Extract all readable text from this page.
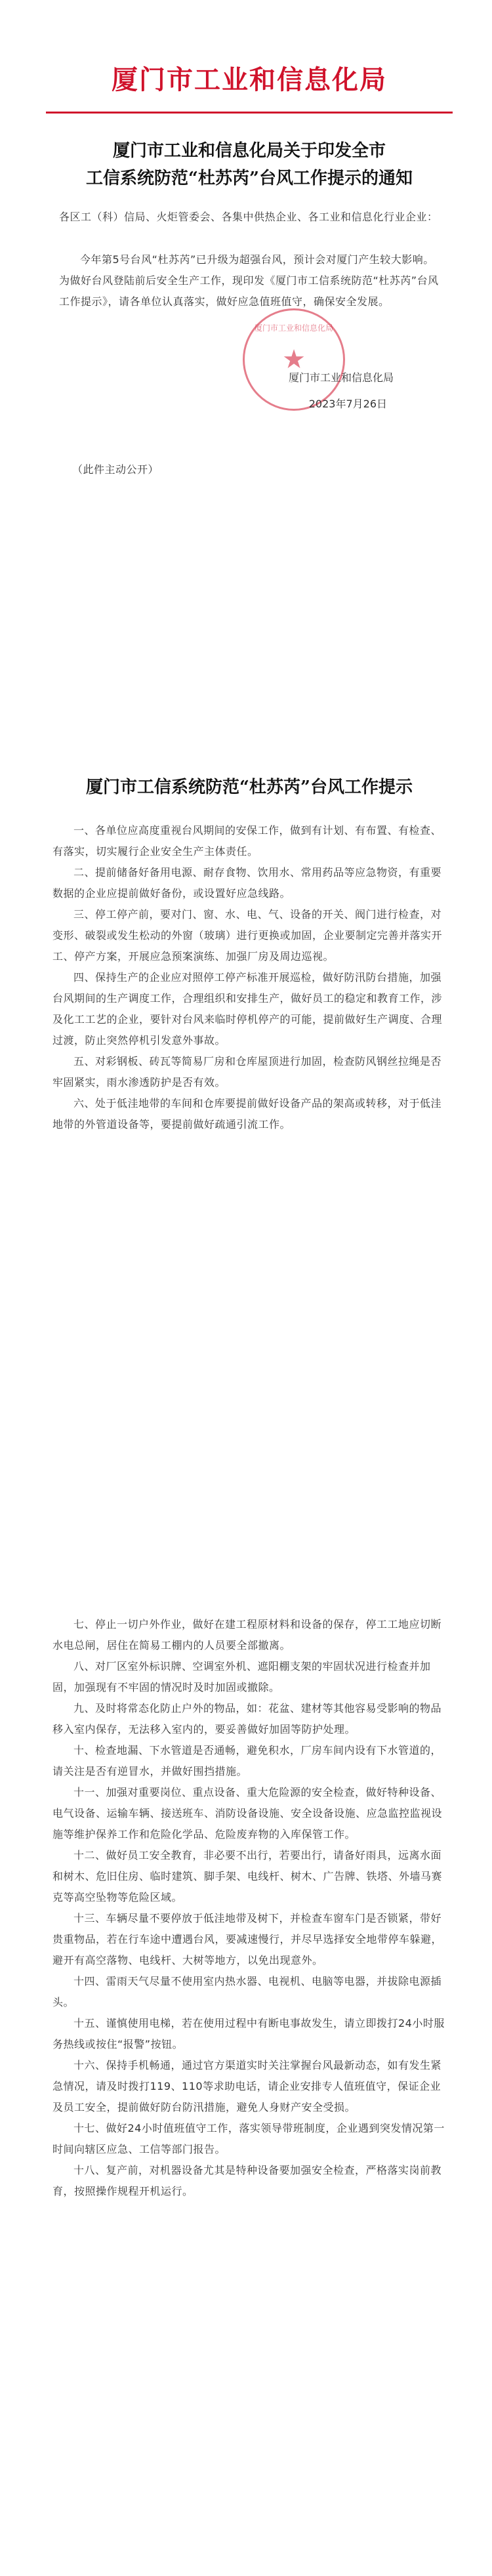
厦门市工业和信息化局
厦门市工业和信息化局关于印发全市
工信系统防范“杜苏芮”台风工作提示的通知
各区工（科）信局、火炬管委会、各集中供热企业、各工业和信息化行业企业：
今年第5号台风“杜苏芮”已升级为超强台风，预计会对厦门产生较大影响。为做好台风登陆前后安全生产工作，现印发《厦门市工信系统防范“杜苏芮”台风工作提示》，请各单位认真落实，做好应急值班值守，确保安全发展。
厦门市工业和信息化局
★
厦门市工业和信息化局
2023年7月26日
（此件主动公开）
厦门市工信系统防范“杜苏芮”台风工作提示

一、各单位应高度重视台风期间的安保工作，做到有计划、有布置、有检查、有落实，切实履行企业安全生产主体责任。

二、提前储备好备用电源、耐存食物、饮用水、常用药品等应急物资，有重要数据的企业应提前做好备份，或设置好应急线路。

三、停工停产前，要对门、窗、水、电、气、设备的开关、阀门进行检查，对变形、破裂或发生松动的外窗（玻璃）进行更换或加固，企业要制定完善并落实开工、停产方案，开展应急预案演练、加强厂房及周边巡视。

四、保持生产的企业应对照停工停产标准开展巡检，做好防汛防台措施，加强台风期间的生产调度工作，合理组织和安排生产，做好员工的稳定和教育工作，涉及化工工艺的企业，要针对台风来临时停机停产的可能，提前做好生产调度、合理过渡，防止突然停机引发意外事故。

五、对彩钢板、砖瓦等简易厂房和仓库屋顶进行加固，检查防风钢丝拉绳是否牢固紧实，雨水渗透防护是否有效。

六、处于低洼地带的车间和仓库要提前做好设备产品的架高或转移，对于低洼地带的外管道设备等，要提前做好疏通引流工作。

七、停止一切户外作业，做好在建工程原材料和设备的保存，停工工地应切断水电总闸，居住在简易工棚内的人员要全部撤离。

八、对厂区室外标识牌、空调室外机、遮阳棚支架的牢固状况进行检查并加固，加强现有不牢固的情况时及时加固或撤除。

九、及时将常态化防止户外的物品，如：花盆、建材等其他容易受影响的物品移入室内保存，无法移入室内的，要妥善做好加固等防护处理。

十、检查地漏、下水管道是否通畅，避免积水，厂房车间内设有下水管道的，请关注是否有逆冒水，并做好围挡措施。

十一、加强对重要岗位、重点设备、重大危险源的安全检查，做好特种设备、电气设备、运输车辆、接送班车、消防设备设施、安全设备设施、应急监控监视设施等维护保养工作和危险化学品、危险废弃物的入库保管工作。

十二、做好员工安全教育，非必要不出行，若要出行，请备好雨具，远离水面和树木、危旧住房、临时建筑、脚手架、电线杆、树木、广告牌、铁塔、外墙马赛克等高空坠物等危险区域。

十三、车辆尽量不要停放于低洼地带及树下，并检查车窗车门是否锁紧，带好贵重物品，若在行车途中遭遇台风，要减速慢行，并尽早选择安全地带停车躲避，避开有高空落物、电线杆、大树等地方，以免出现意外。

十四、雷雨天气尽量不使用室内热水器、电视机、电脑等电器，并拔除电源插头。

十五、谨慎使用电梯，若在使用过程中有断电事故发生，请立即拨打24小时服务热线或按住“报警”按钮。

十六、保持手机畅通，通过官方渠道实时关注掌握台风最新动态，如有发生紧急情况，请及时拨打119、110等求助电话，请企业安排专人值班值守，保证企业及员工安全，提前做好防台防汛措施，避免人身财产安全受损。

十七、做好24小时值班值守工作，落实领导带班制度，企业遇到突发情况第一时间向辖区应急、工信等部门报告。

十八、复产前，对机器设备尤其是特种设备要加强安全检查，严格落实岗前教育，按照操作规程开机运行。
